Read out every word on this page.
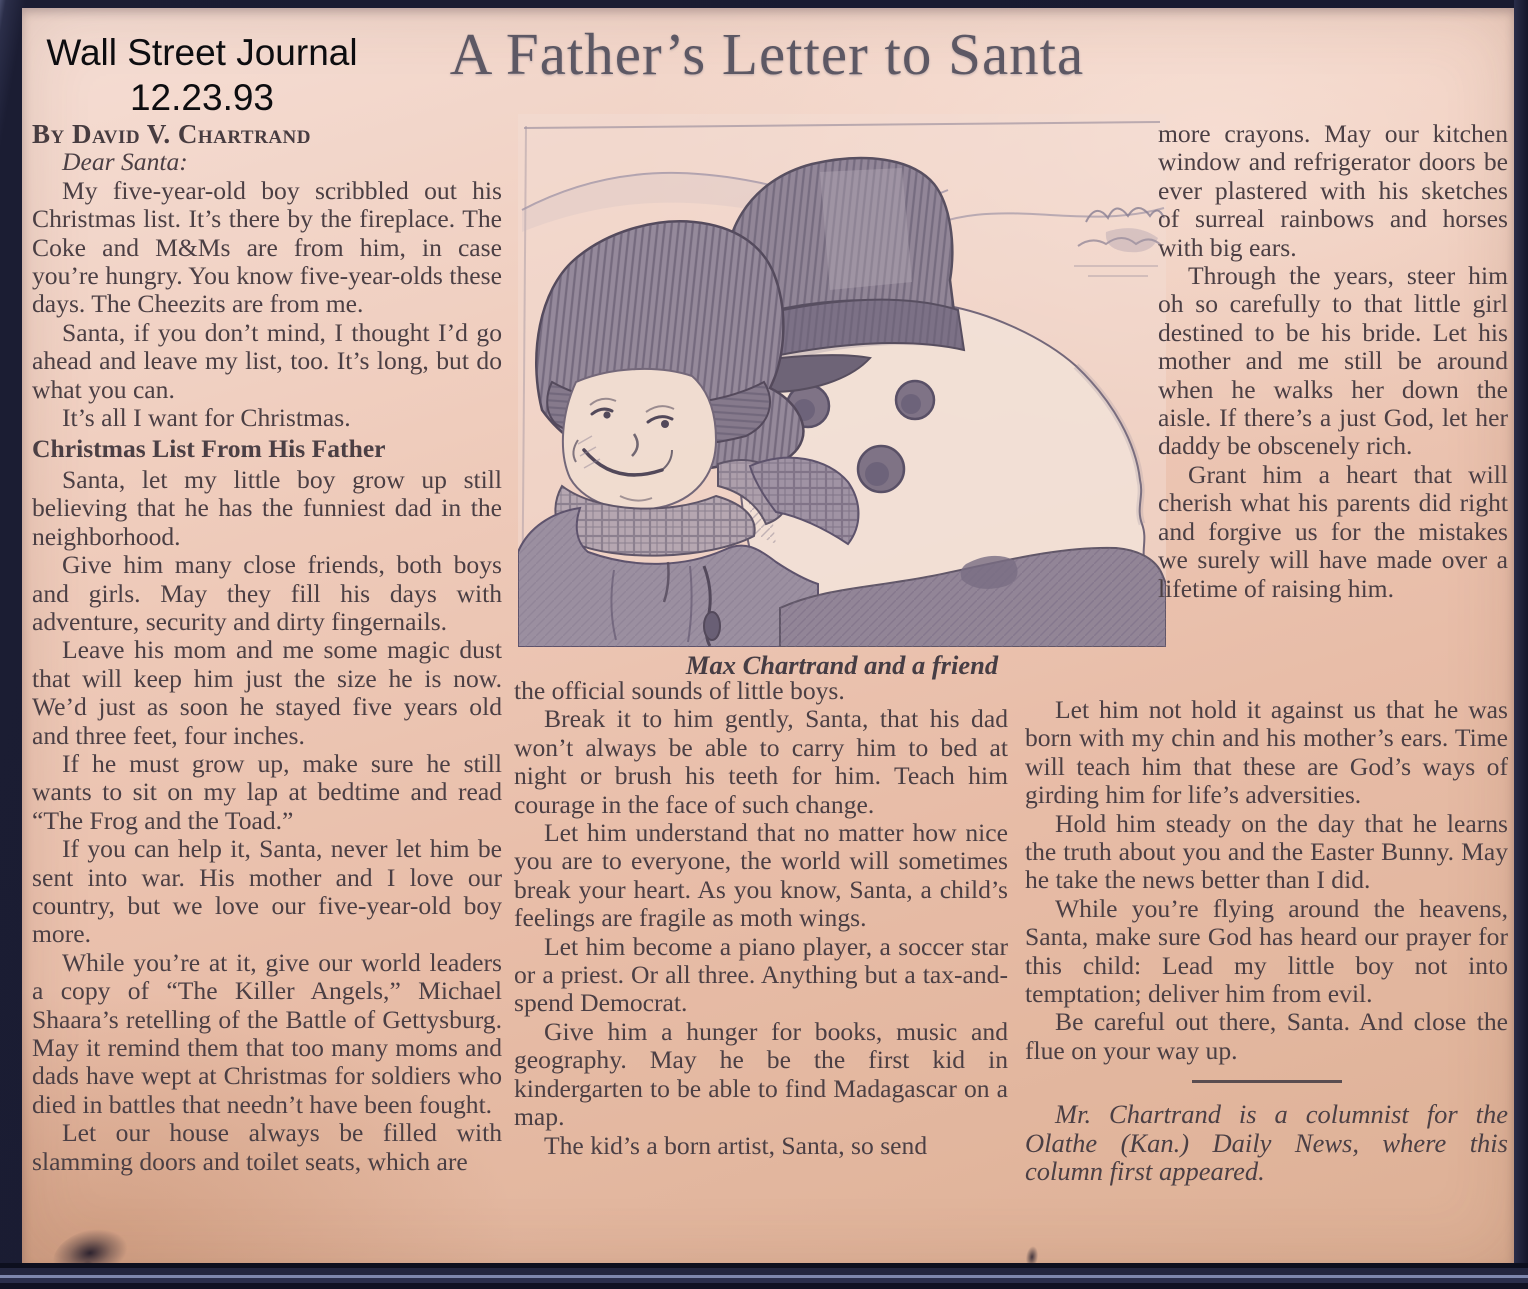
Wall Street Journal
12.23.93
A Father’s Letter to Santa

By David V. Chartrand

Dear Santa:

My five-year-old boy scribbled out his Christmas list. It’s there by the fireplace. The Coke and M&Ms are from him, in case you’re hungry. You know five-year-olds these days. The Cheezits are from me.

Santa, if you don’t mind, I thought I’d go ahead and leave my list, too. It’s long, but do what you can.

It’s all I want for Christmas.

Christmas List From His Father

Santa, let my little boy grow up still believing that he has the funniest dad in the neighborhood.

Give him many close friends, both boys and girls. May they fill his days with adventure, security and dirty fingernails.

Leave his mom and me some magic dust that will keep him just the size he is now. We’d just as soon he stayed five years old and three feet, four inches.

If he must grow up, make sure he still wants to sit on my lap at bedtime and read “The Frog and the Toad.”

If you can help it, Santa, never let him be sent into war. His mother and I love our country, but we love our five-year-old boy more.

While you’re at it, give our world leaders a copy of “The Killer Angels,” Michael Shaara’s retelling of the Battle of Gettysburg. May it remind them that too many moms and dads have wept at Christmas for soldiers who died in battles that needn’t have been fought.

Let our house always be filled with slamming doors and toilet seats, which are

Max Chartrand and a friend

the official sounds of little boys.

Break it to him gently, Santa, that his dad won’t always be able to carry him to bed at night or brush his teeth for him. Teach him courage in the face of such change.

Let him understand that no matter how nice you are to everyone, the world will sometimes break your heart. As you know, Santa, a child’s feelings are fragile as moth wings.

Let him become a piano player, a soccer star or a priest. Or all three. Anything but a tax-and-spend Democrat.

Give him a hunger for books, music and geography. May he be the first kid in kindergarten to be able to find Madagascar on a map.

The kid’s a born artist, Santa, so send

more crayons. May our kitchen window and refrigerator doors be ever plastered with his sketches of surreal rainbows and horses with big ears.

Through the years, steer him oh so carefully to that little girl destined to be his bride. Let his mother and me still be around when he walks her down the aisle. If there’s a just God, let her daddy be obscenely rich.

Grant him a heart that will cherish what his parents did right and forgive us for the mistakes we surely will have made over a lifetime of raising him.

Let him not hold it against us that he was born with my chin and his mother’s ears. Time will teach him that these are God’s ways of girding him for life’s adversities.

Hold him steady on the day that he learns the truth about you and the Easter Bunny. May he take the news better than I did.

While you’re flying around the heavens, Santa, make sure God has heard our prayer for this child: Lead my little boy not into temptation; deliver him from evil.

Be careful out there, Santa. And close the flue on your way up.

Mr. Chartrand is a columnist for the Olathe (Kan.) Daily News, where this column first appeared.
